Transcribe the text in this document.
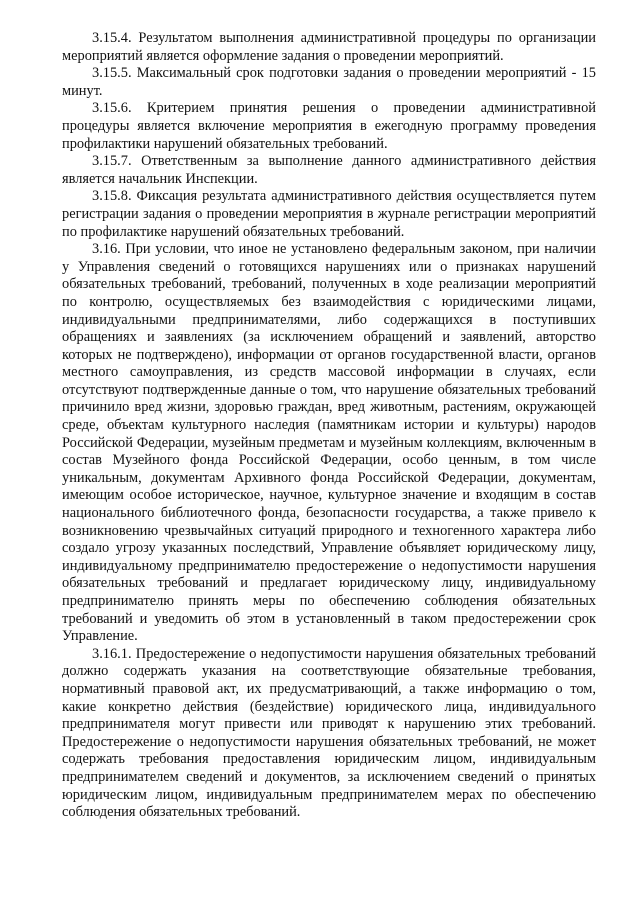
3.15.4. Результатом выполнения административной процедуры по организации мероприятий является оформление задания о проведении мероприятий.

3.15.5. Максимальный срок подготовки задания о проведении мероприятий - 15 минут.

3.15.6. Критерием принятия решения о проведении административной процедуры является включение мероприятия в ежегодную программу проведения профилактики нарушений обязательных требований.

3.15.7. Ответственным за выполнение данного административного действия является начальник Инспекции.

3.15.8. Фиксация результата административного действия осуществляется путем регистрации задания о проведении мероприятия в журнале регистрации мероприятий по профилактике нарушений обязательных требований.

3.16. При условии, что иное не установлено федеральным законом, при наличии у Управления сведений о готовящихся нарушениях или о признаках нарушений обязательных требований, требований, полученных в ходе реализации мероприятий по контролю, осуществляемых без взаимодействия с юридическими лицами, индивидуальными предпринимателями, либо содержащихся в поступивших обращениях и заявлениях (за исключением обращений и заявлений, авторство которых не подтверждено), информации от органов государственной власти, органов местного самоуправления, из средств массовой информации в случаях, если отсутствуют подтвержденные данные о том, что нарушение обязательных требований причинило вред жизни, здоровью граждан, вред животным, растениям, окружающей среде, объектам культурного наследия (памятникам истории и культуры) народов Российской Федерации, музейным предметам и музейным коллекциям, включенным в состав Музейного фонда Российской Федерации, особо ценным, в том числе уникальным, документам Архивного фонда Российской Федерации, документам, имеющим особое историческое, научное, культурное значение и входящим в состав национального библиотечного фонда, безопасности государства, а также привело к возникновению чрезвычайных ситуаций природного и техногенного характера либо создало угрозу указанных последствий, Управление объявляет юридическому лицу, индивидуальному предпринимателю предостережение о недопустимости нарушения обязательных требований и предлагает юридическому лицу, индивидуальному предпринимателю принять меры по обеспечению соблюдения обязательных требований и уведомить об этом в установленный в таком предостережении срок Управление.

3.16.1. Предостережение о недопустимости нарушения обязательных требований должно содержать указания на соответствующие обязательные требования, нормативный правовой акт, их предусматривающий, а также информацию о том, какие конкретно действия (бездействие) юридического лица, индивидуального предпринимателя могут привести или приводят к нарушению этих требований. Предостережение о недопустимости нарушения обязательных требований, не может содержать требования предоставления юридическим лицом, индивидуальным предпринимателем сведений и документов, за исключением сведений о принятых юридическим лицом, индивидуальным предпринимателем мерах по обеспечению соблюдения обязательных требований.
